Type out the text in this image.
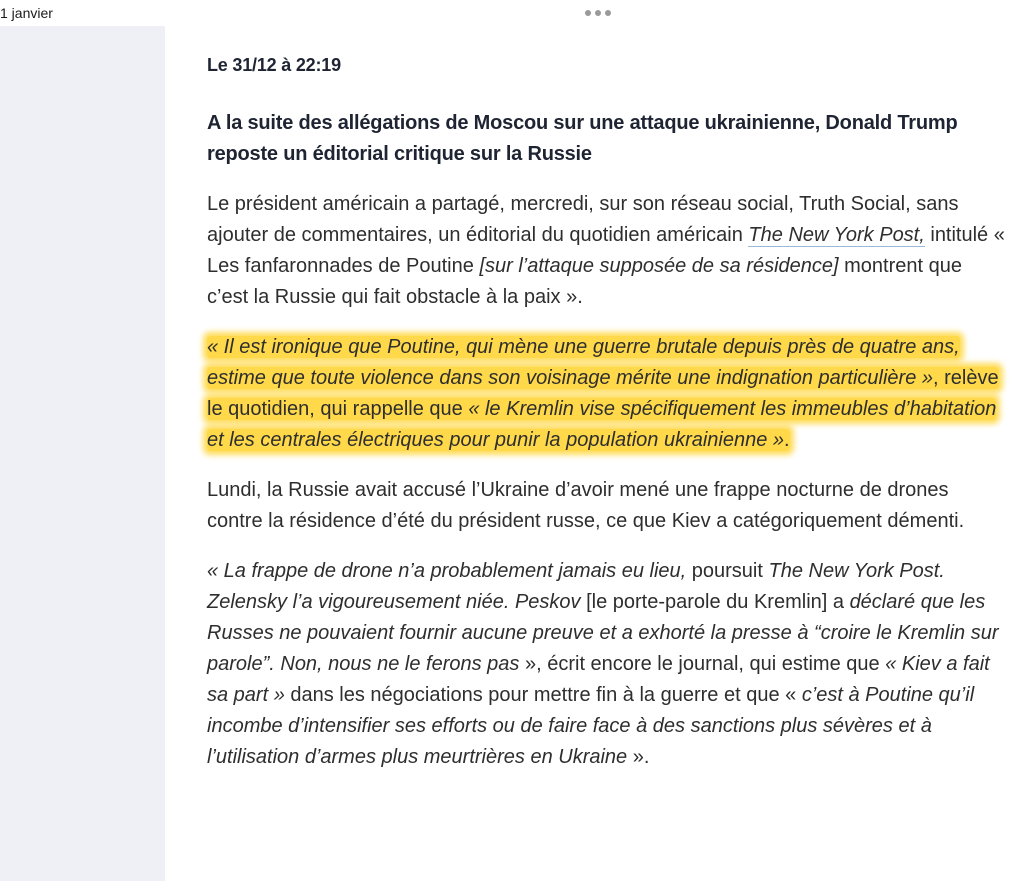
1 janvier

Le 31/12 à 22:19

A la suite des allégations de Moscou sur une attaque ukrainienne, Donald Trump reposte un éditorial critique sur la Russie

Le président américain a partagé, mercredi, sur son réseau social, Truth Social, sans ajouter de commentaires, un éditorial du quotidien américain The New York Post, intitulé « Les fanfaronnades de Poutine [sur l’attaque supposée de sa résidence] montrent que c’est la Russie qui fait obstacle à la paix ».

« Il est ironique que Poutine, qui mène une guerre brutale depuis près de quatre ans, estime que toute violence dans son voisinage mérite une indignation particulière », relève le quotidien, qui rappelle que « le Kremlin vise spécifiquement les immeubles d’habitation et les centrales électriques pour punir la population ukrainienne ».

Lundi, la Russie avait accusé l’Ukraine d’avoir mené une frappe nocturne de drones contre la résidence d’été du président russe, ce que Kiev a catégoriquement démenti.

« La frappe de drone n’a probablement jamais eu lieu, poursuit The New York Post. Zelensky l’a vigoureusement niée. Peskov [le porte-parole du Kremlin] a déclaré que les Russes ne pouvaient fournir aucune preuve et a exhorté la presse à “croire le Kremlin sur parole”. Non, nous ne le ferons pas », écrit encore le journal, qui estime que « Kiev a fait sa part » dans les négociations pour mettre fin à la guerre et que « c’est à Poutine qu’il incombe d’intensifier ses efforts ou de faire face à des sanctions plus sévères et à l’utilisation d’armes plus meurtrières en Ukraine ».
